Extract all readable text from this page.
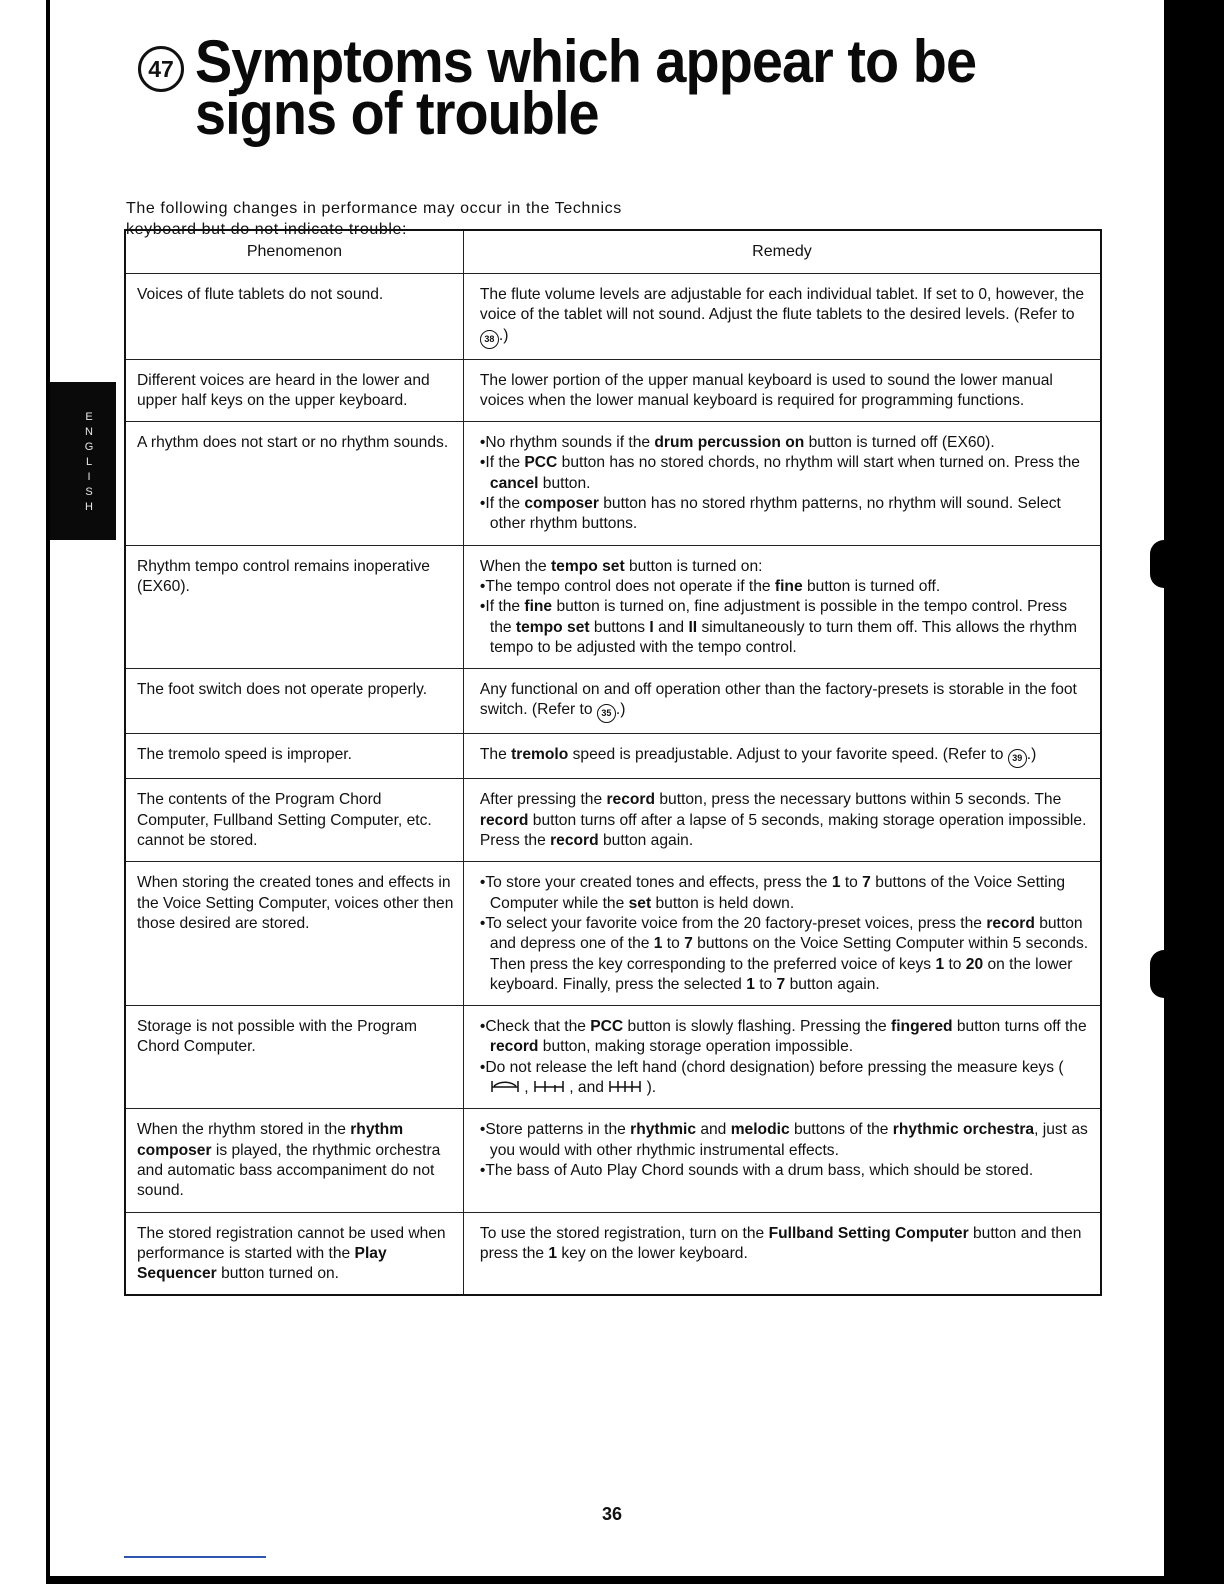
E
N
G
L
I
S
H
47 Symptoms which appear to be signs of trouble

The following changes in performance may occur in the Technics keyboard but do not indicate trouble:

Phenomenon	Remedy
Voices of flute tablets do not sound.	The flute volume levels are adjustable for each individual tablet. If set to 0, however, the voice of the tablet will not sound. Adjust the flute tablets to the desired levels. (Refer to 38 .)
Different voices are heard in the lower and upper half keys on the upper keyboard.	The lower portion of the upper manual keyboard is used to sound the lower manual voices when the lower manual keyboard is required for programming functions.
A rhythm does not start or no rhythm sounds.	•No rhythm sounds if the drum percussion on button is turned off (EX60).
•If the PCC button has no stored chords, no rhythm will start when turned on. Press the cancel button.
•If the composer button has no stored rhythm patterns, no rhythm will sound. Select other rhythm buttons.

Rhythm tempo control remains inoperative (EX60).	When the tempo set button is turned on:
•The tempo control does not operate if the fine button is turned off.
•If the fine button is turned on, fine adjustment is possible in the tempo control. Press the tempo set buttons I and II simultaneously to turn them off. This allows the rhythm tempo to be adjusted with the tempo control.

The foot switch does not operate properly.	Any functional on and off operation other than the factory-presets is storable in the foot switch. (Refer to 35 .)
The tremolo speed is improper.	The tremolo speed is preadjustable. Adjust to your favorite speed. (Refer to 39 .)
The contents of the Program Chord Computer, Fullband Setting Computer, etc. cannot be stored.	After pressing the record button, press the necessary buttons within 5 seconds. The record button turns off after a lapse of 5 seconds, making storage operation impossible. Press the record button again.
When storing the created tones and effects in the Voice Setting Computer, voices other then those desired are stored.	•To store your created tones and effects, press the 1 to 7 buttons of the Voice Setting Computer while the set button is held down.
•To select your favorite voice from the 20 factory-preset voices, press the record button and depress one of the 1 to 7 buttons on the Voice Setting Computer within 5 seconds. Then press the key corresponding to the preferred voice of keys 1 to 20 on the lower keyboard. Finally, press the selected 1 to 7 button again.

Storage is not possible with the Program Chord Computer.	•Check that the PCC button is slowly flashing. Pressing the fingered button turns off the record button, making storage operation impossible.
•Do not release the left hand (chord designation) before pressing the measure keys (  ,  , and  ).

When the rhythm stored in the rhythm composer is played, the rhythmic orchestra and automatic bass accompaniment do not sound.	•Store patterns in the rhythmic and melodic buttons of the rhythmic orchestra, just as you would with other rhythmic instrumental effects.
•The bass of Auto Play Chord sounds with a drum bass, which should be stored.

The stored registration cannot be used when performance is started with the Play Sequencer button turned on.	To use the stored registration, turn on the Fullband Setting Computer button and then press the 1 key on the lower keyboard.
36
